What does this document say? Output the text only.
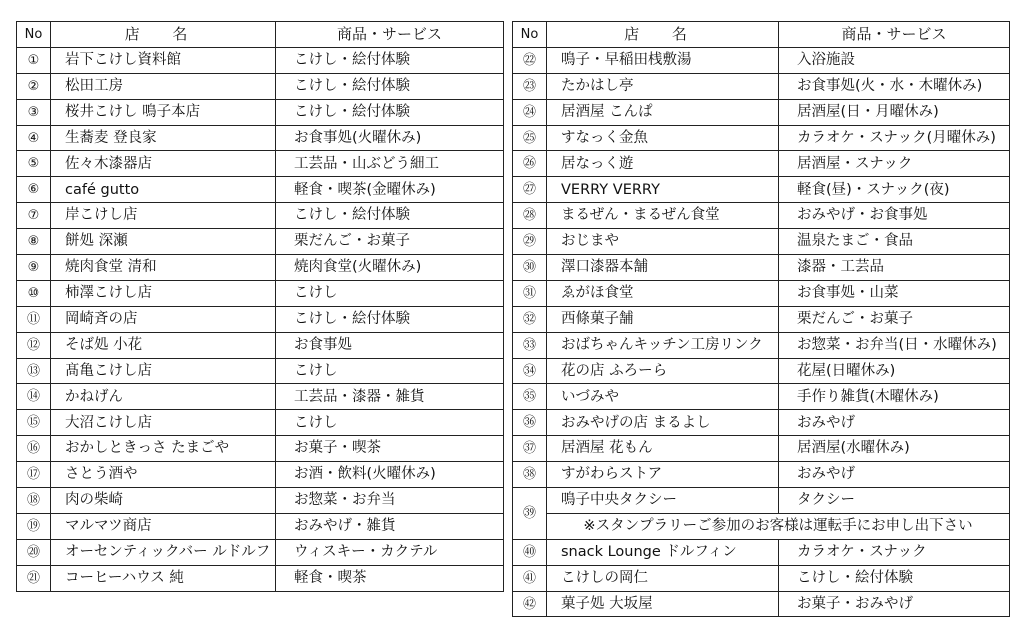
No	店 名	商品・サービス
①	岩下こけし資料館	こけし・絵付体験
②	松田工房	こけし・絵付体験
③	桜井こけし 鳴子本店	こけし・絵付体験
④	生蕎麦 登良家	お食事処(火曜休み)
⑤	佐々木漆器店	工芸品・山ぶどう細工
⑥	café gutto	軽食・喫茶(金曜休み)
⑦	岸こけし店	こけし・絵付体験
⑧	餅処 深瀬	栗だんご・お菓子
⑨	焼肉食堂 清和	焼肉食堂(火曜休み)
⑩	柿澤こけし店	こけし
⑪	岡崎斉の店	こけし・絵付体験
⑫	そば処 小花	お食事処
⑬	髙亀こけし店	こけし
⑭	かねげん	工芸品・漆器・雑貨
⑮	大沼こけし店	こけし
⑯	おかしときっさ たまごや	お菓子・喫茶
⑰	さとう酒や	お酒・飲料(火曜休み)
⑱	肉の柴崎	お惣菜・お弁当
⑲	マルマツ商店	おみやげ・雑貨
⑳	オーセンティックバー ルドルフ	ウィスキー・カクテル
㉑	コーヒーハウス 純	軽食・喫茶
No	店 名	商品・サービス
㉒	鳴子・早稲田桟敷湯	入浴施設
㉓	たかはし亭	お食事処(火・水・木曜休み)
㉔	居酒屋 こんぱ	居酒屋(日・月曜休み)
㉕	すなっく金魚	カラオケ・スナック(月曜休み)
㉖	居なっく遊	居酒屋・スナック
㉗	VERRY VERRY	軽食(昼)・スナック(夜)
㉘	まるぜん・まるぜん食堂	おみやげ・お食事処
㉙	おじまや	温泉たまご・食品
㉚	澤口漆器本舗	漆器・工芸品
㉛	ゑがほ食堂	お食事処・山菜
㉜	西條菓子舗	栗だんご・お菓子
㉝	おばちゃんキッチン工房リンク	お惣菜・お弁当(日・水曜休み)
㉞	花の店 ふろーら	花屋(日曜休み)
㉟	いづみや	手作り雑貨(木曜休み)
㊱	おみやげの店 まるよし	おみやげ
㊲	居酒屋 花もん	居酒屋(水曜休み)
㊳	すがわらストア	おみやげ
㊴	鳴子中央タクシー	タクシー
	※スタンプラリーご参加のお客様は運転手にお申し出下さい	
㊵	snack Lounge ドルフィン	カラオケ・スナック
㊶	こけしの岡仁	こけし・絵付体験
㊷	菓子処 大坂屋	お菓子・おみやげ
